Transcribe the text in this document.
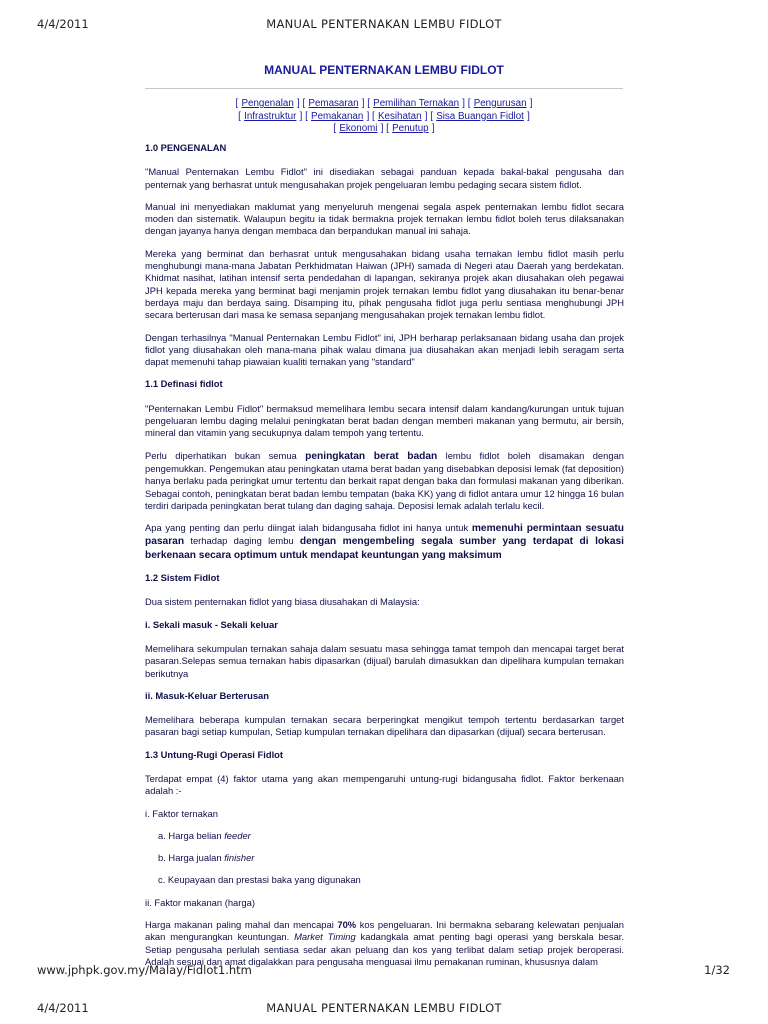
4/4/2011	MANUAL PENTERNAKAN LEMBU FIDLOT
MANUAL PENTERNAKAN LEMBU FIDLOT
[ Pengenalan ] [ Pemasaran ] [ Pemilihan Ternakan ] [ Pengurusan ]
[ Infrastruktur ] [ Pemakanan ] [ Kesihatan ] [ Sisa Buangan Fidlot ]
[ Ekonomi ] [ Penutup ]

1.0 PENGENALAN

"Manual Penternakan Lembu Fidlot" ini disediakan sebagai panduan kepada bakal-bakal pengusaha dan penternak yang berhasrat untuk mengusahakan projek pengeluaran lembu pedaging secara sistem fidlot.

Manual ini menyediakan maklumat yang menyeluruh mengenai segala aspek penternakan lembu fidlot secara moden dan sistematik. Walaupun begitu ia tidak bermakna projek ternakan lembu fidlot boleh terus dilaksanakan dengan jayanya hanya dengan membaca dan berpandukan manual ini sahaja.

Mereka yang berminat dan berhasrat untuk mengusahakan bidang usaha ternakan lembu fidlot masih perlu menghubungi mana-mana Jabatan Perkhidmatan Haiwan (JPH) samada di Negeri atau Daerah yang berdekatan. Khidmat nasihat, latihan intensif serta pendedahan di lapangan, sekiranya projek akan diusahakan oleh pegawai JPH kepada mereka yang berminat bagi menjamin projek ternakan lembu fidlot yang diusahakan itu benar-benar berdaya maju dan berdaya saing. Disamping itu, pihak pengusaha fidlot juga perlu sentiasa menghubungi JPH secara berterusan dari masa ke semasa sepanjang mengusahakan projek ternakan lembu fidlot.

Dengan terhasilnya "Manual Penternakan Lembu Fidlot" ini, JPH berharap perlaksanaan bidang usaha dan projek fidlot yang diusahakan oleh mana-mana pihak walau dimana jua diusahakan akan menjadi lebih seragam serta dapat memenuhi tahap piawaian kualiti ternakan yang "standard"

1.1 Definasi fidlot

"Penternakan Lembu Fidlot" bermaksud memelihara lembu secara intensif dalam kandang/kurungan untuk tujuan pengeluaran lembu daging melalui peningkatan berat badan dengan memberi makanan yang bermutu, air bersih, mineral dan vitamin yang secukupnya dalam tempoh yang tertentu.

Perlu diperhatikan bukan semua peningkatan berat badan lembu fidlot boleh disamakan dengan pengemukkan. Pengemukan atau peningkatan utama berat badan yang disebabkan deposisi lemak (fat deposition) hanya berlaku pada peringkat umur tertentu dan berkait rapat dengan baka dan formulasi makanan yang diberikan. Sebagai contoh, peningkatan berat badan lembu tempatan (baka KK) yang di fidlot antara umur 12 hingga 16 bulan terdiri daripada peningkatan berat tulang dan daging sahaja. Deposisi lemak adalah terlalu kecil.

Apa yang penting dan perlu diingat ialah bidangusaha fidlot ini hanya untuk memenuhi permintaan sesuatu pasaran terhadap daging lembu dengan mengembeling segala sumber yang terdapat di lokasi berkenaan secara optimum untuk mendapat keuntungan yang maksimum

1.2 Sistem Fidlot

Dua sistem penternakan fidlot yang biasa diusahakan di Malaysia:

i. Sekali masuk - Sekali keluar

Memelihara sekumpulan ternakan sahaja dalam sesuatu masa sehingga tamat tempoh dan mencapai target berat pasaran.Selepas semua ternakan habis dipasarkan (dijual) barulah dimasukkan dan dipelihara kumpulan ternakan berikutnya

ii. Masuk-Keluar Berterusan

Memelihara beberapa kumpulan ternakan secara berperingkat mengikut tempoh tertentu berdasarkan target pasaran bagi setiap kumpulan, Setiap kumpulan ternakan dipelihara dan dipasarkan (dijual) secara berterusan.

1.3 Untung-Rugi Operasi Fidlot

Terdapat empat (4) faktor utama yang akan mempengaruhi untung-rugi bidangusaha fidlot. Faktor berkenaan adalah :-

i. Faktor ternakan

a. Harga belian feeder

b. Harga jualan finisher

c. Keupayaan dan prestasi baka yang digunakan

ii. Faktor makanan (harga)

Harga makanan paling mahal dan mencapai 70% kos pengeluaran. Ini bermakna sebarang kelewatan penjualan akan mengurangkan keuntungan. Market Timing kadangkala amat penting bagi operasi yang berskala besar. Setiap pengusaha perlulah sentiasa sedar akan peluang dan kos yang terlibat dalam setiap projek beroperasi. Adalah sesuai dan amat digalakkan para pengusaha menguasai ilmu pemakanan ruminan, khususnya dalam

www.jphpk.gov.my/Malay/Fidlot1.htm	1/32
4/4/2011	MANUAL PENTERNAKAN LEMBU FIDLOT
